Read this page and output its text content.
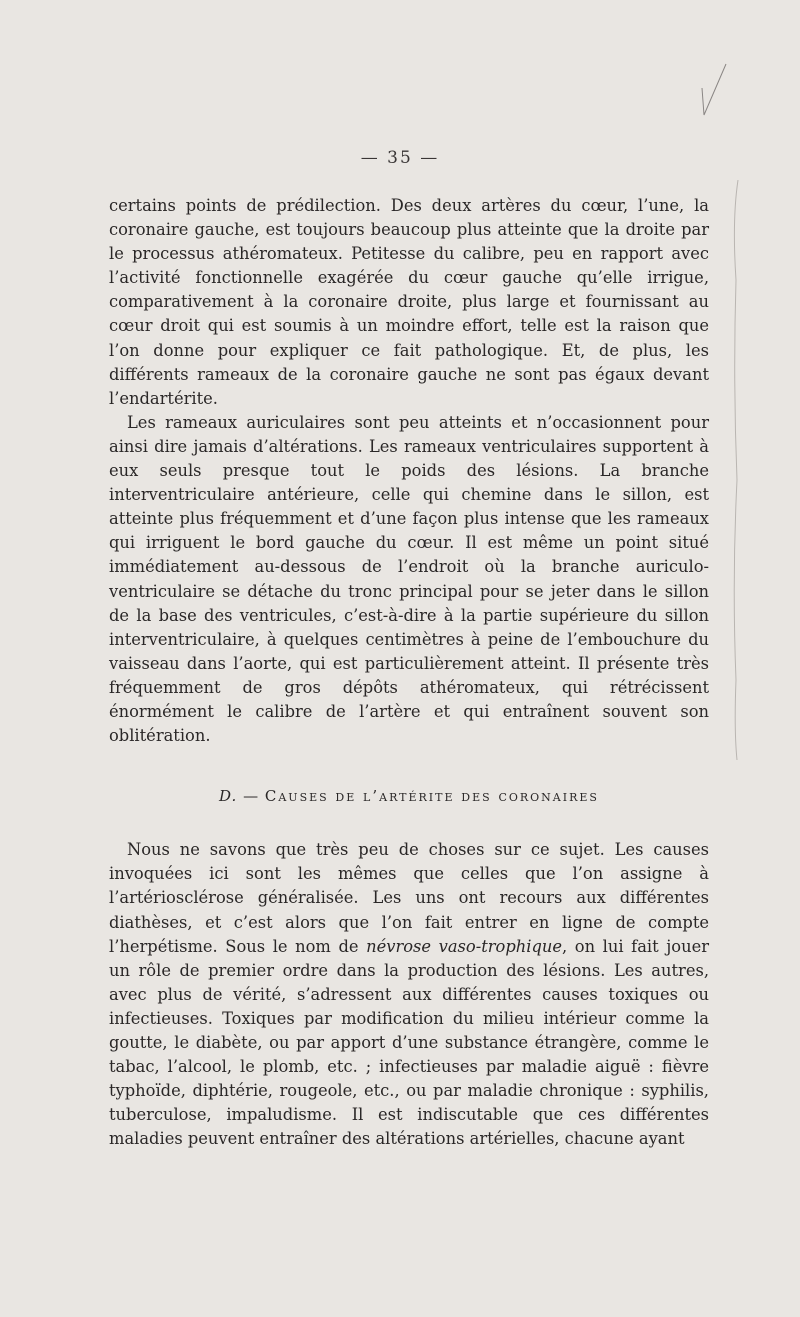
— 35 —

certains points de prédilection. Des deux artères du cœur, l’une, la coronaire gauche, est toujours beaucoup plus atteinte que la droite par le processus athéromateux. Petitesse du calibre, peu en rapport avec l’activité fonctionnelle exagérée du cœur gauche qu’elle irrigue, comparativement à la coronaire droite, plus large et fournissant au cœur droit qui est soumis à un moindre effort, telle est la raison que l’on donne pour expliquer ce fait pathologique. Et, de plus, les différents rameaux de la coronaire gauche ne sont pas égaux devant l’endartérite.

Les rameaux auriculaires sont peu atteints et n’occasionnent pour ainsi dire jamais d’altérations. Les rameaux ventriculaires supportent à eux seuls presque tout le poids des lésions. La branche interventriculaire antérieure, celle qui chemine dans le sillon, est atteinte plus fréquemment et d’une façon plus intense que les rameaux qui irriguent le bord gauche du cœur. Il est même un point situé immédiatement au-dessous de l’endroit où la branche auriculo-ventriculaire se détache du tronc principal pour se jeter dans le sillon de la base des ventricules, c’est-à-dire à la partie supérieure du sillon interventriculaire, à quelques centimètres à peine de l’embouchure du vaisseau dans l’aorte, qui est particulièrement atteint. Il présente très fréquemment de gros dépôts athéromateux, qui rétrécissent énormément le calibre de l’artère et qui entraînent souvent son oblitération.

D. — Causes de l’artérite des coronaires

Nous ne savons que très peu de choses sur ce sujet. Les causes invoquées ici sont les mêmes que celles que l’on assigne à l’artériosclérose généralisée. Les uns ont recours aux différentes diathèses, et c’est alors que l’on fait entrer en ligne de compte l’herpétisme. Sous le nom de névrose vaso-trophique, on lui fait jouer un rôle de premier ordre dans la production des lésions. Les autres, avec plus de vérité, s’adressent aux différentes causes toxiques ou infectieuses. Toxiques par modification du milieu intérieur comme la goutte, le diabète, ou par apport d’une substance étrangère, comme le tabac, l’alcool, le plomb, etc. ; infectieuses par maladie aiguë : fièvre typhoïde, diphtérie, rougeole, etc., ou par maladie chronique : syphilis, tuberculose, impaludisme. Il est indiscutable que ces différentes maladies peuvent entraîner des altérations artérielles, chacune ayant
